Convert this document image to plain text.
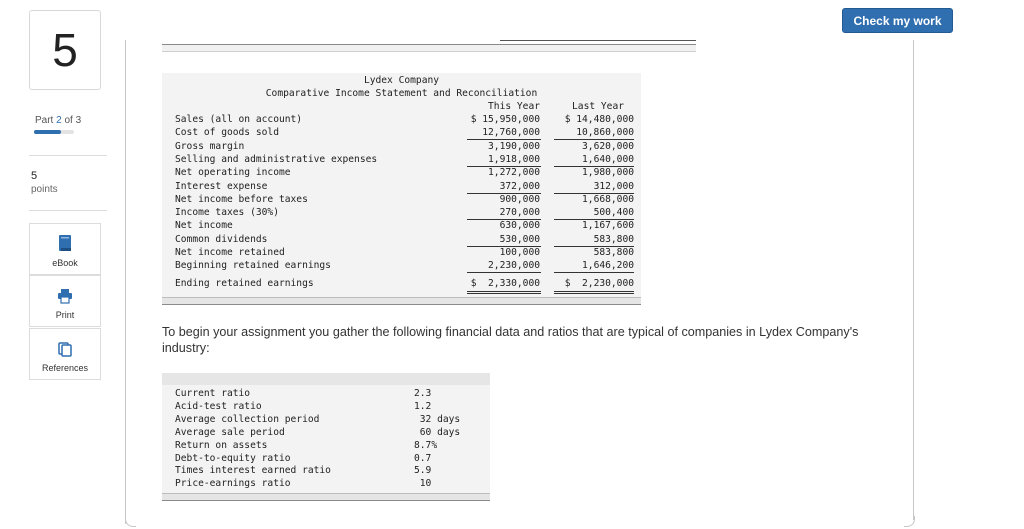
Check my work
5
Part 2 of 3
5
points
eBook
Print
References
Lydex Company
Comparative Income Statement and Reconciliation
This Year	Last Year
Sales (all on account)	$ 15,950,000	$ 14,480,000
Cost of goods sold	12,760,000	10,860,000
Gross margin	3,190,000	3,620,000
Selling and administrative expenses	1,918,000	1,640,000
Net operating income	1,272,000	1,980,000
Interest expense	372,000	312,000
Net income before taxes	900,000	1,668,000
Income taxes (30%)	270,000	500,400
Net income	630,000	1,167,600
Common dividends	530,000	583,800
Net income retained	100,000	583,800
Beginning retained earnings	2,230,000	1,646,200
Ending retained earnings	$  2,330,000	$  2,230,000
To begin your assignment you gather the following financial data and ratios that are typical of companies in Lydex Company's industry:
Current ratio	2.3
Acid-test ratio	1.2
Average collection period	32 days
Average sale period	60 days
Return on assets	8.7%
Debt-to-equity ratio	0.7
Times interest earned ratio	5.9
Price-earnings ratio	10
